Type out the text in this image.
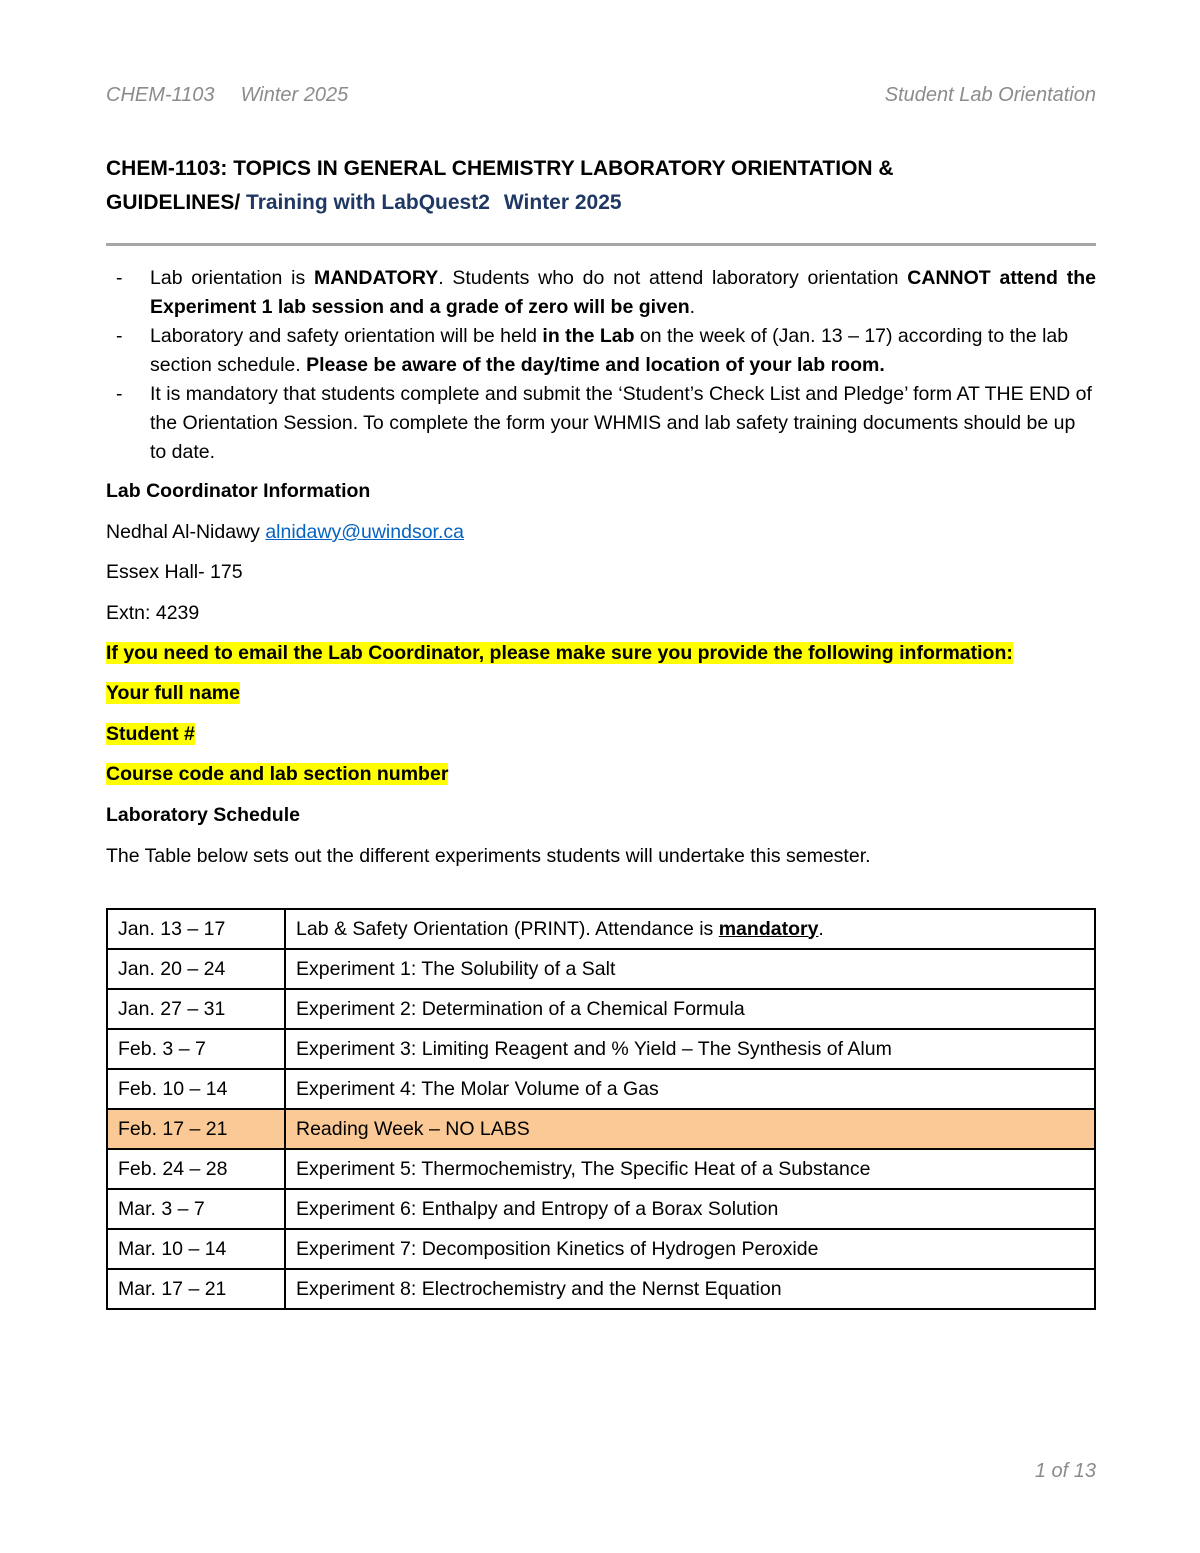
CHEM-1103 Winter 2025	Student Lab Orientation
CHEM-1103: TOPICS IN GENERAL CHEMISTRY LABORATORY ORIENTATION &
GUIDELINES/ Training with LabQuest2 Winter 2025
- Lab orientation is MANDATORY. Students who do not attend laboratory orientation CANNOT attend the Experiment 1 lab session and a grade of zero will be given.
- Laboratory and safety orientation will be held in the Lab on the week of (Jan. 13 – 17) according to the lab section schedule. Please be aware of the day/time and location of your lab room.
- It is mandatory that students complete and submit the ‘Student’s Check List and Pledge’ form AT THE END of the Orientation Session. To complete the form your WHMIS and lab safety training documents should be up to date.
Lab Coordinator Information
Nedhal Al-Nidawy alnidawy@uwindsor.ca
Essex Hall- 175
Extn: 4239
If you need to email the Lab Coordinator, please make sure you provide the following information:
Your full name
Student #
Course code and lab section number
Laboratory Schedule
The Table below sets out the different experiments students will undertake this semester.
Jan. 13 – 17	Lab & Safety Orientation (PRINT). Attendance is mandatory.
Jan. 20 – 24	Experiment 1: The Solubility of a Salt
Jan. 27 – 31	Experiment 2: Determination of a Chemical Formula
Feb. 3 – 7	Experiment 3: Limiting Reagent and % Yield – The Synthesis of Alum
Feb. 10 – 14	Experiment 4: The Molar Volume of a Gas
Feb. 17 – 21	Reading Week – NO LABS
Feb. 24 – 28	Experiment 5: Thermochemistry, The Specific Heat of a Substance
Mar. 3 – 7	Experiment 6: Enthalpy and Entropy of a Borax Solution
Mar. 10 – 14	Experiment 7: Decomposition Kinetics of Hydrogen Peroxide
Mar. 17 – 21	Experiment 8: Electrochemistry and the Nernst Equation
1 of 13
